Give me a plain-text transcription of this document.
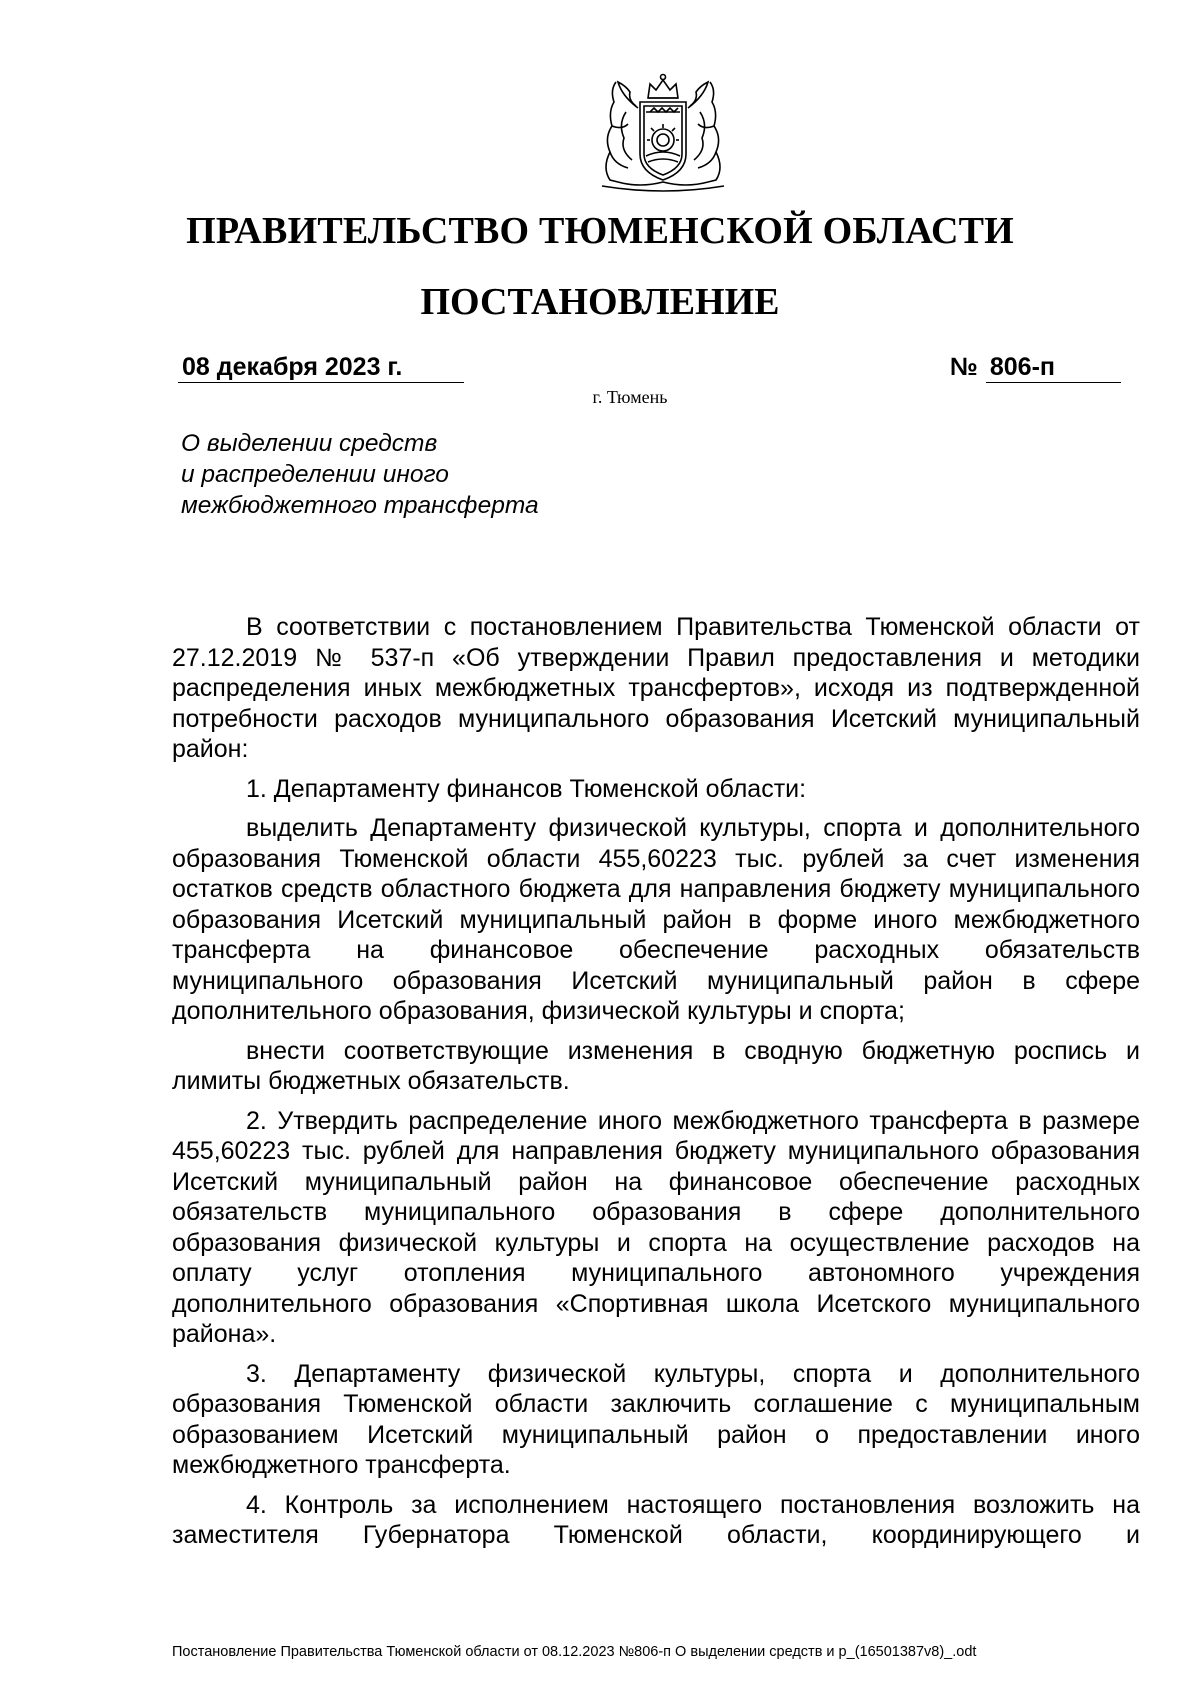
ПРАВИТЕЛЬСТВО ТЮМЕНСКОЙ ОБЛАСТИ
ПОСТАНОВЛЕНИЕ
08 декабря 2023 г.	№ 806-п
г. Тюмень
О выделении средств
и распределении иного
межбюджетного трансферта

В соответствии с постановлением Правительства Тюменской области от 27.12.2019 № 537-п «Об утверждении Правил предоставления и методики распределения иных межбюджетных трансфертов», исходя из подтвержденной потребности расходов муниципального образования Исетский муниципальный район:

1. Департаменту финансов Тюменской области:

выделить Департаменту физической культуры, спорта и дополнительного образования Тюменской области 455,60223 тыс. рублей за счет изменения остатков средств областного бюджета для направления бюджету муниципального образования Исетский муниципальный район в форме иного межбюджетного трансферта на финансовое обеспечение расходных обязательств муниципального образования Исетский муниципальный район в сфере дополнительного образования, физической культуры и спорта;

внести соответствующие изменения в сводную бюджетную роспись и лимиты бюджетных обязательств.

2. Утвердить распределение иного межбюджетного трансферта в размере 455,60223 тыс. рублей для направления бюджету муниципального образования Исетский муниципальный район на финансовое обеспечение расходных обязательств муниципального образования в сфере дополнительного образования физической культуры и спорта на осуществление расходов на оплату услуг отопления муниципального автономного учреждения дополнительного образования «Спортивная школа Исетского муниципального района».

3. Департаменту физической культуры, спорта и дополнительного образования Тюменской области заключить соглашение с муниципальным образованием Исетский муниципальный район о предоставлении иного межбюджетного трансферта.

4. Контроль за исполнением настоящего постановления возложить на заместителя Губернатора Тюменской области, координирующего и

Постановление Правительства Тюменской области от 08.12.2023 №806-п О выделении средств и р_(16501387v8)_.odt
